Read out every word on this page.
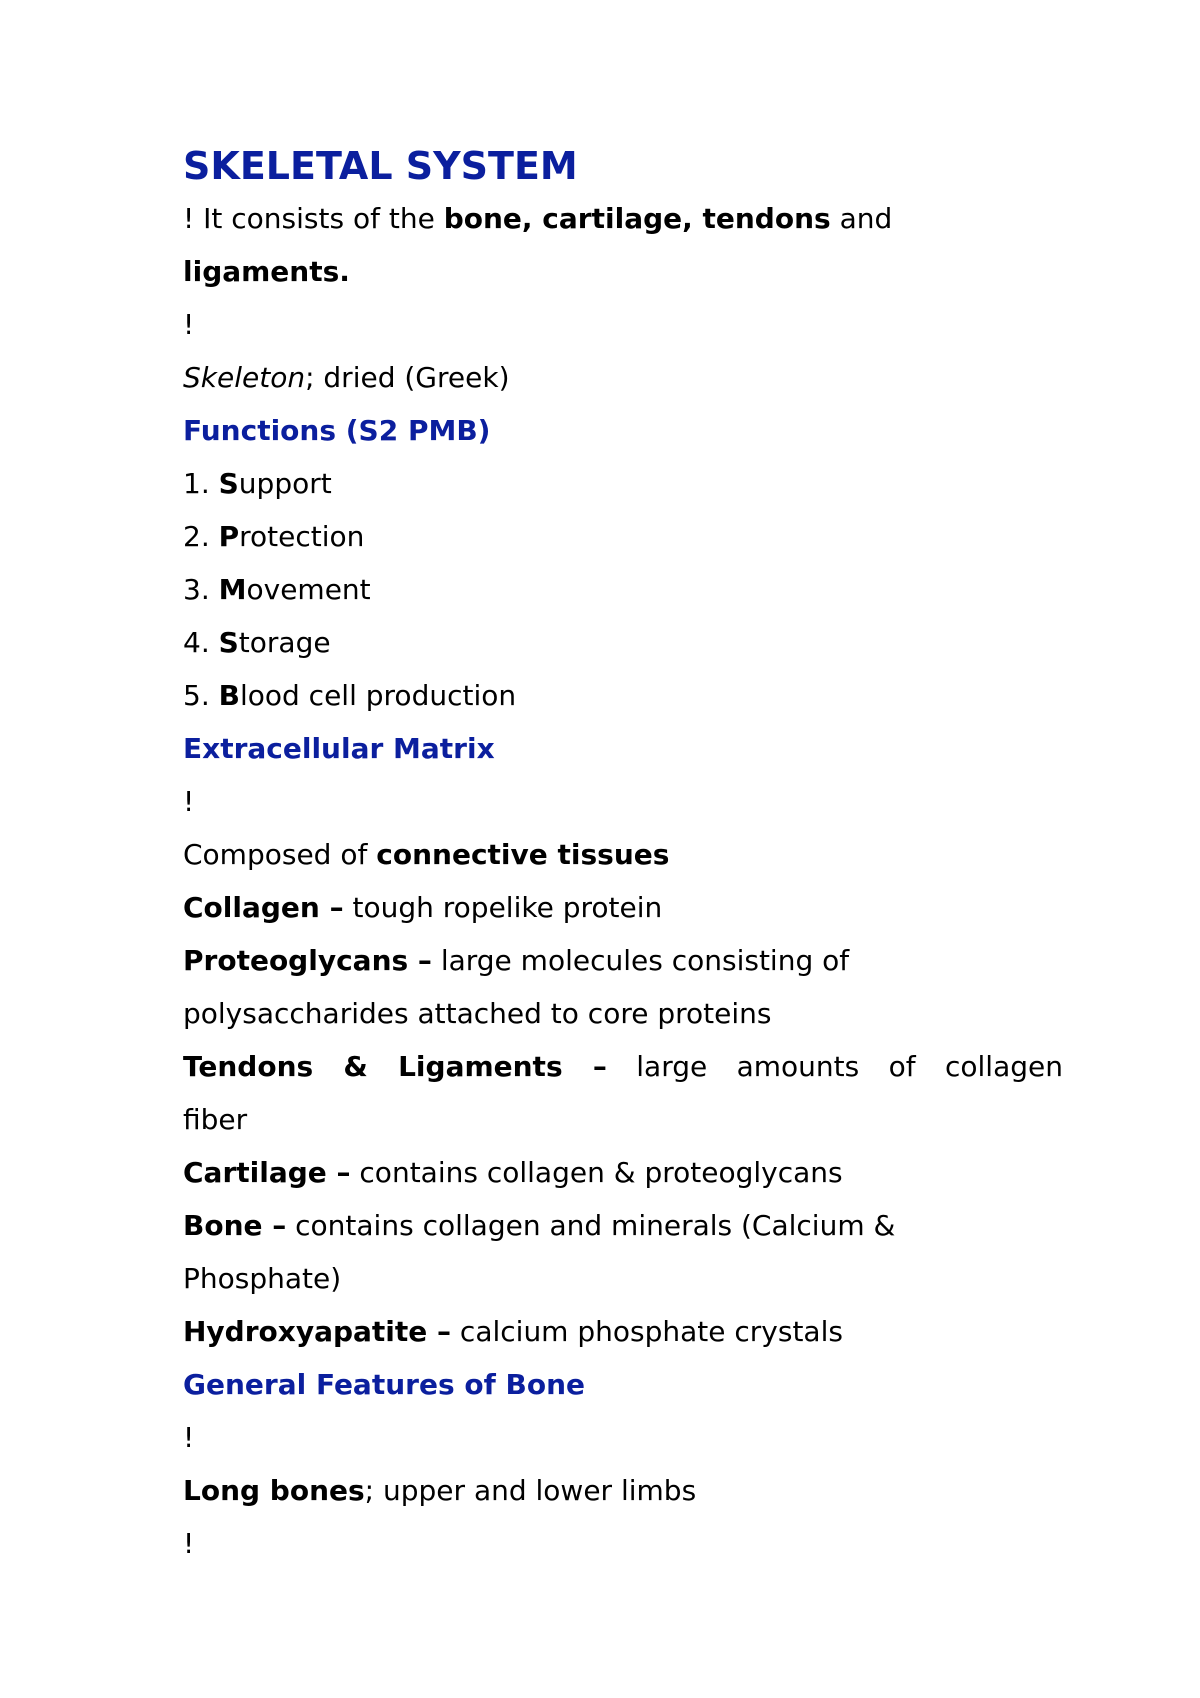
SKELETAL SYSTEM

! It consists of the bone, cartilage, tendons and

ligaments.

!

Skeleton; dried (Greek)

Functions (S2 PMB)

1. Support

2. Protection

3. Movement

4. Storage

5. Blood cell production

Extracellular Matrix

!

Composed of connective tissues

Collagen – tough ropelike protein

Proteoglycans – large molecules consisting of

polysaccharides attached to core proteins

Tendons & Ligaments – large amounts of collagen

fiber

Cartilage – contains collagen & proteoglycans

Bone – contains collagen and minerals (Calcium &

Phosphate)

Hydroxyapatite – calcium phosphate crystals

General Features of Bone

!

Long bones; upper and lower limbs

!
